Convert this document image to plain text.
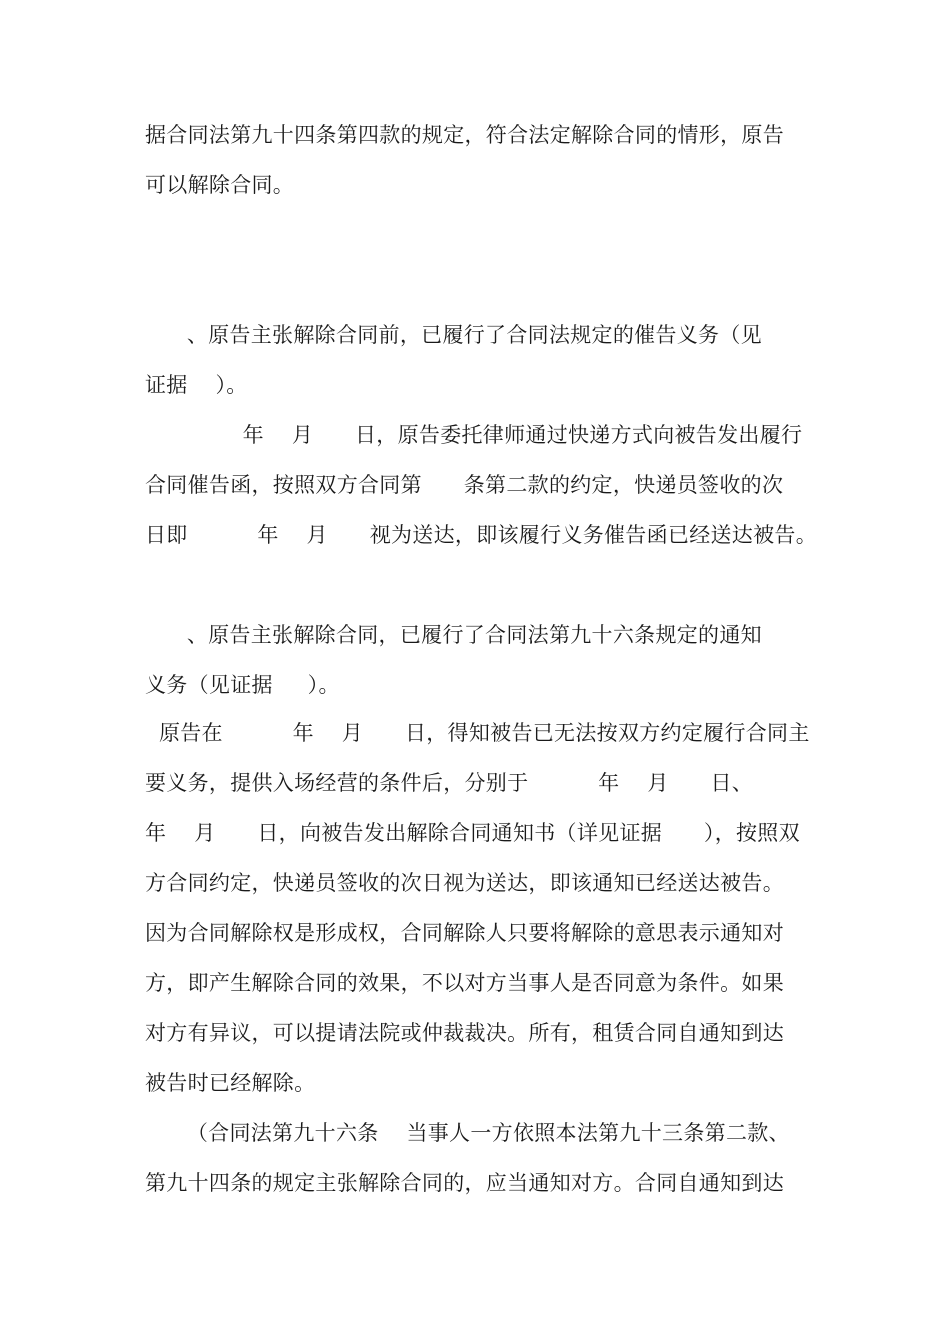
据合同法第九十四条第四款的规定，符合法定解除合同的情形，原告
可以解除合同。
、原告主张解除合同前，已履行了合同法规定的催告义务（见
证据    ）。
年    月      日，原告委托律师通过快递方式向被告发出履行
合同催告函，按照双方合同第      条第二款的约定，快递员签收的次
日即          年    月      视为送达，即该履行义务催告函已经送达被告。
、原告主张解除合同，已履行了合同法第九十六条规定的通知
义务（见证据     ）。
原告在          年    月      日，得知被告已无法按双方约定履行合同主
要义务，提供入场经营的条件后，分别于          年    月      日、
年    月      日，向被告发出解除合同通知书（详见证据      ），按照双
方合同约定，快递员签收的次日视为送达，即该通知已经送达被告。
因为合同解除权是形成权，合同解除人只要将解除的意思表示通知对
方，即产生解除合同的效果，不以对方当事人是否同意为条件。如果
对方有异议，可以提请法院或仲裁裁决。所有，租赁合同自通知到达
被告时已经解除。
（合同法第九十六条    当事人一方依照本法第九十三条第二款、
第九十四条的规定主张解除合同的，应当通知对方。合同自通知到达
